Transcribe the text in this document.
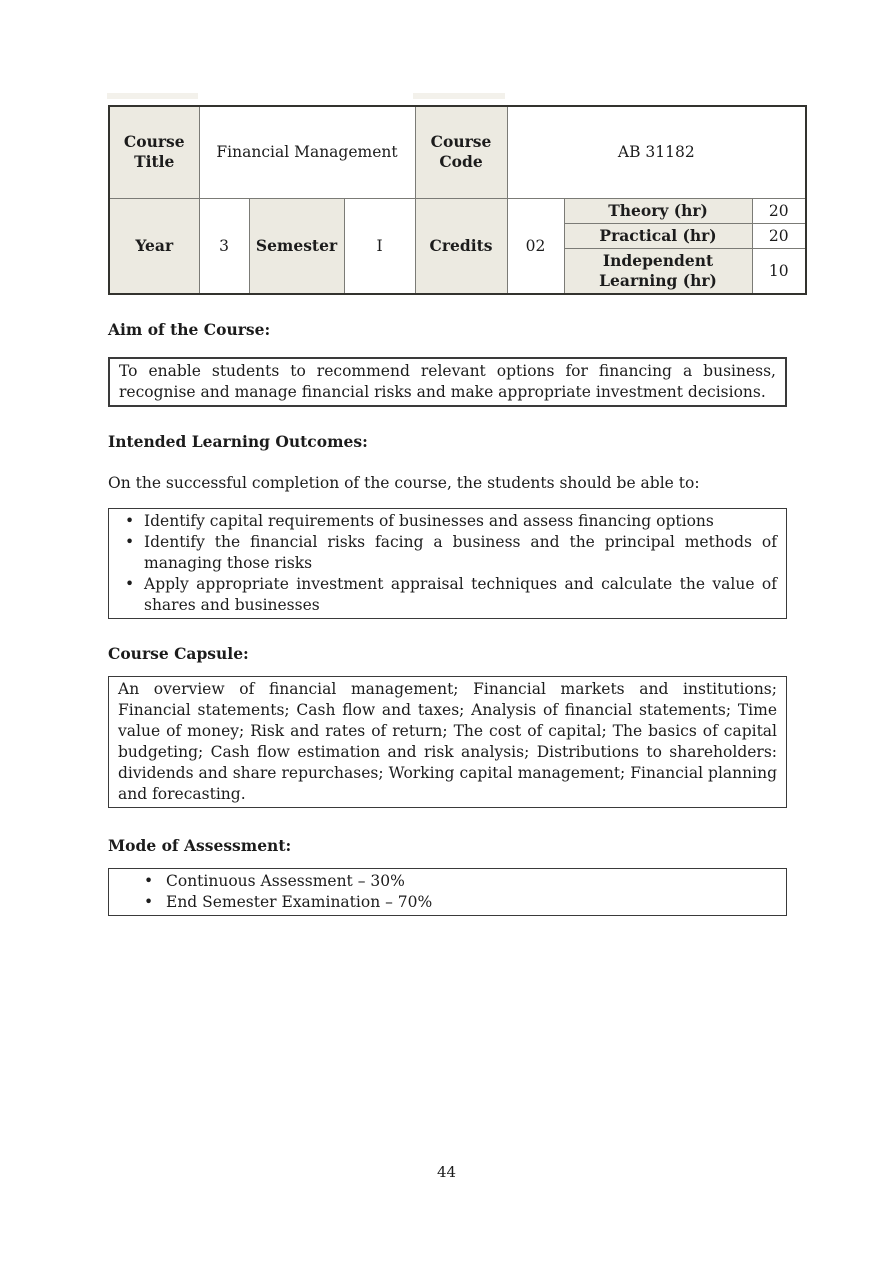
Course Title	Financial Management			Course Code	AB 31182		
Year	3	Semester	I	Credits	02	Theory (hr)	20
						Practical (hr)	20
						Independent Learning (hr)	10
Aim of the Course:

To enable students to recommend relevant options for financing a business, recognise and manage financial risks and make appropriate investment decisions.

Intended Learning Outcomes:
On the successful completion of the course, the students should be able to:
• Identify capital requirements of businesses and assess financing options
• Identify the financial risks facing a business and the principal methods of managing those risks
• Apply appropriate investment appraisal techniques and calculate the value of shares and businesses
Course Capsule:

An overview of financial management; Financial markets and institutions; Financial statements; Cash flow and taxes; Analysis of financial statements; Time value of money; Risk and rates of return; The cost of capital; The basics of capital budgeting; Cash flow estimation and risk analysis; Distributions to shareholders: dividends and share repurchases; Working capital management; Financial planning and forecasting.

Mode of Assessment:
• Continuous Assessment – 30%
• End Semester Examination – 70%
44
